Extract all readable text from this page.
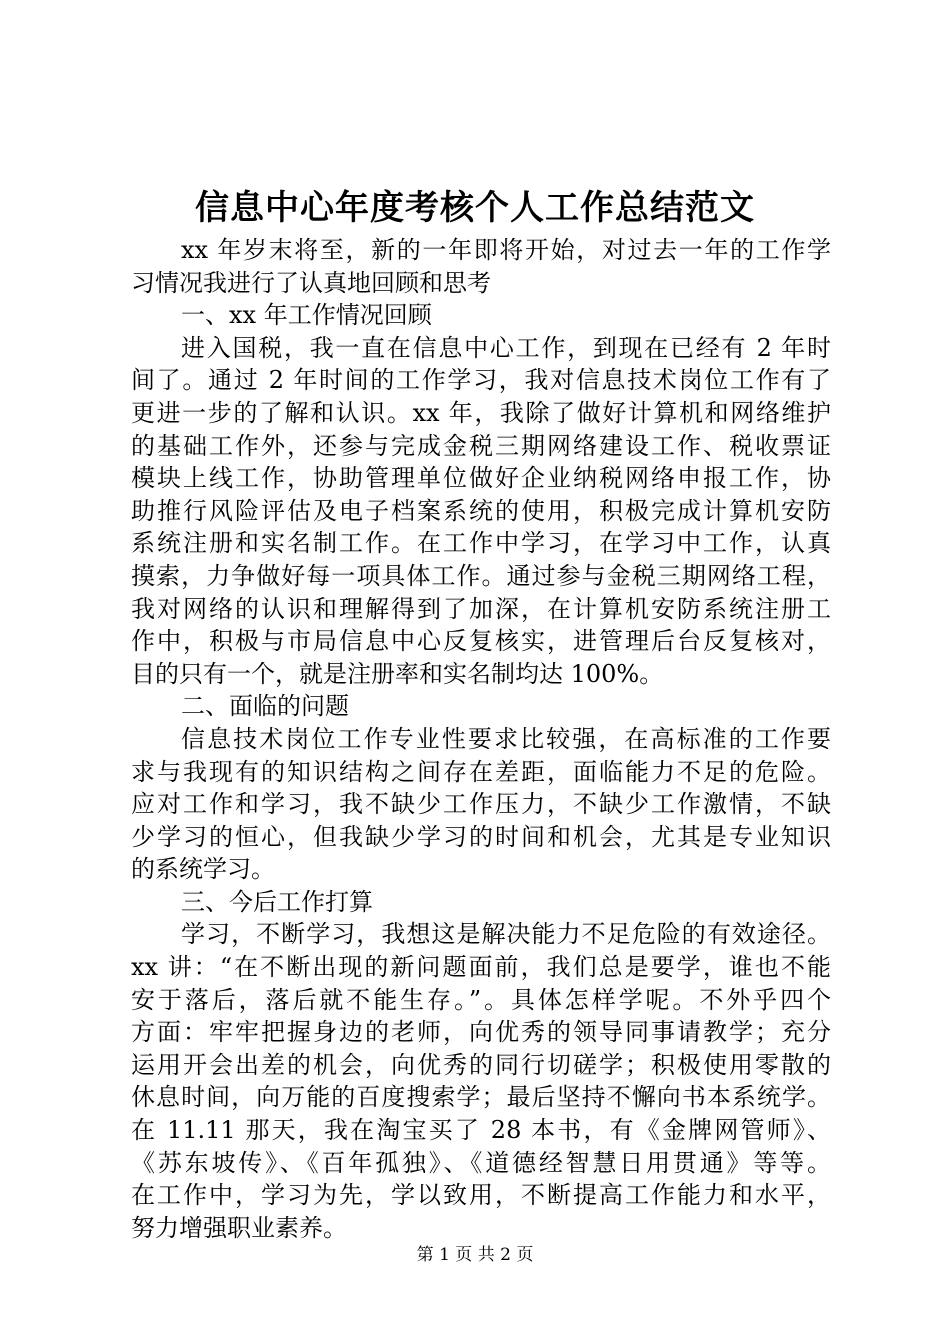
信息中心年度考核个人工作总结范文
xx 年岁末将至，新的一年即将开始，对过去一年的工作学
习情况我进行了认真地回顾和思考
一、xx 年工作情况回顾
进入国税，我一直在信息中心工作，到现在已经有 2 年时
间了。通过 2 年时间的工作学习，我对信息技术岗位工作有了
更进一步的了解和认识。xx 年，我除了做好计算机和网络维护
的基础工作外，还参与完成金税三期网络建设工作、税收票证
模块上线工作，协助管理单位做好企业纳税网络申报工作，协
助推行风险评估及电子档案系统的使用，积极完成计算机安防
系统注册和实名制工作。在工作中学习，在学习中工作，认真
摸索，力争做好每一项具体工作。通过参与金税三期网络工程，
我对网络的认识和理解得到了加深，在计算机安防系统注册工
作中，积极与市局信息中心反复核实，进管理后台反复核对，
目的只有一个，就是注册率和实名制均达 100%。
二、面临的问题
信息技术岗位工作专业性要求比较强，在高标准的工作要
求与我现有的知识结构之间存在差距，面临能力不足的危险。
应对工作和学习，我不缺少工作压力，不缺少工作激情，不缺
少学习的恒心，但我缺少学习的时间和机会，尤其是专业知识
的系统学习。
三、今后工作打算
学习，不断学习，我想这是解决能力不足危险的有效途径。
xx 讲：“在不断出现的新问题面前，我们总是要学，谁也不能
安于落后，落后就不能生存。”。具体怎样学呢。不外乎四个
方面：牢牢把握身边的老师，向优秀的领导同事请教学；充分
运用开会出差的机会，向优秀的同行切磋学；积极使用零散的
休息时间，向万能的百度搜索学；最后坚持不懈向书本系统学。
在 11.11 那天，我在淘宝买了 28 本书，有《金牌网管师》、
《苏东坡传》、《百年孤独》、《道德经智慧日用贯通》等等。
在工作中，学习为先，学以致用，不断提高工作能力和水平，
努力增强职业素养。
第 1 页 共 2 页
